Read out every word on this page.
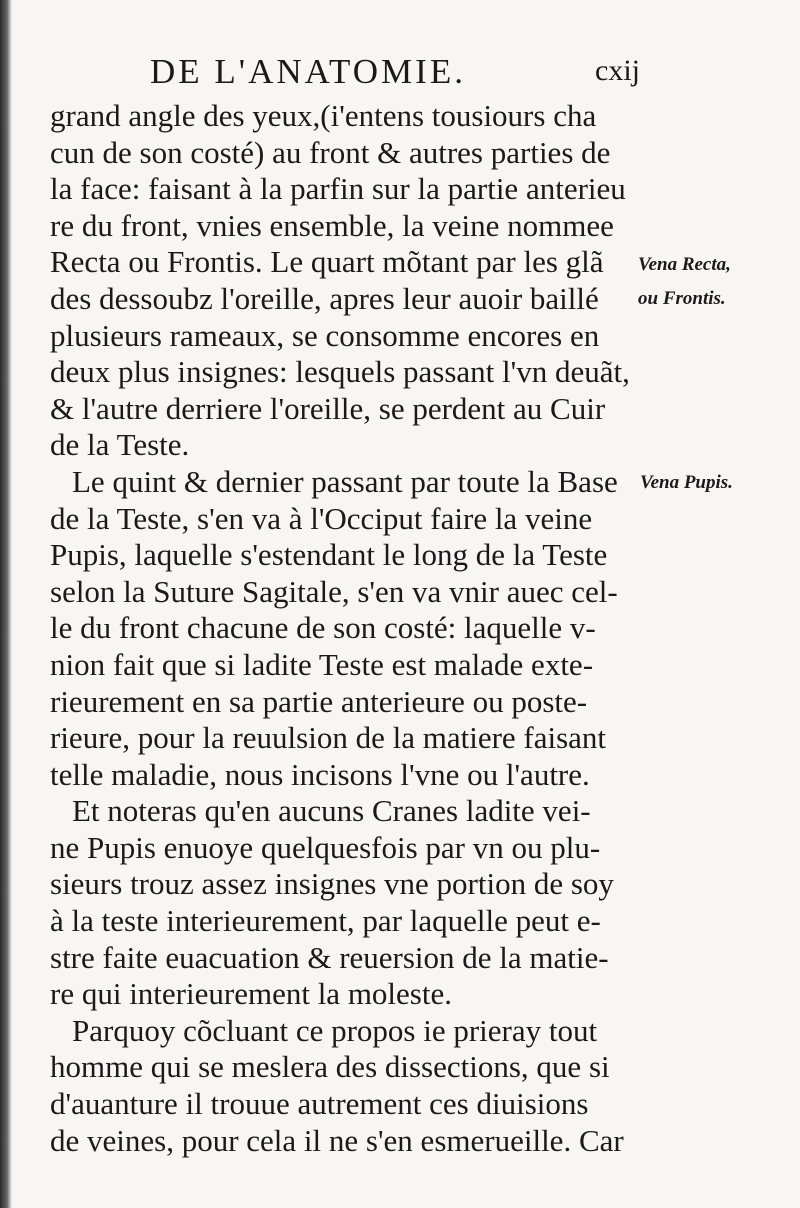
DE L'ANATOMIE.	cxij
grand angle des yeux,(i'entens tousiours cha
cun de son costé) au front & autres parties de
la face: faisant à la parfin sur la partie anterieu
re du front, vnies ensemble, la veine nommee
Recta ou Frontis. Le quart mõtant par les glã
des dessoubz l'oreille, apres leur auoir baillé
plusieurs rameaux, se consomme encores en
deux plus insignes: lesquels passant l'vn deuãt,
& l'autre derriere l'oreille, se perdent au Cuir
de la Teste.
Le quint & dernier passant par toute la Base
de la Teste, s'en va à l'Occiput faire la veine
Pupis, laquelle s'estendant le long de la Teste
selon la Suture Sagitale, s'en va vnir auec cel-
le du front chacune de son costé: laquelle v-
nion fait que si ladite Teste est malade exte-
rieurement en sa partie anterieure ou poste-
rieure, pour la reuulsion de la matiere faisant
telle maladie, nous incisons l'vne ou l'autre.
Et noteras qu'en aucuns Cranes ladite vei-
ne Pupis enuoye quelquesfois par vn ou plu-
sieurs trouz assez insignes vne portion de soy
à la teste interieurement, par laquelle peut e-
stre faite euacuation & reuersion de la matie-
re qui interieurement la moleste.
Parquoy cõcluant ce propos ie prieray tout
homme qui se meslera des dissections, que si
d'auanture il trouue autrement ces diuisions
de veines, pour cela il ne s'en esmerueille. Car
Vena Recta,
ou Frontis.
Vena Pupis.
